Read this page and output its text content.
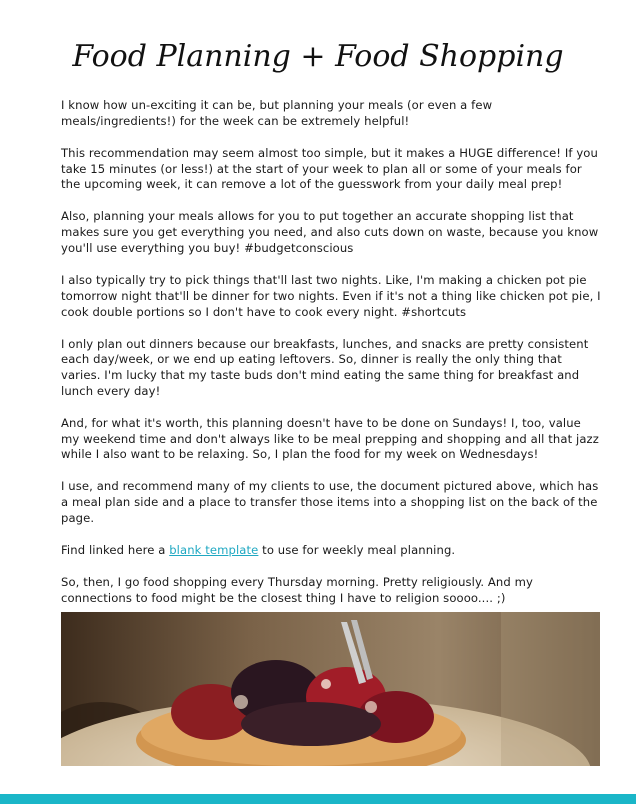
Food Planning + Food Shopping

I know how un-exciting it can be, but planning your meals (or even a few meals/ingredients!) for the week can be extremely helpful!

This recommendation may seem almost too simple, but it makes a HUGE difference! If you take 15 minutes (or less!) at the start of your week to plan all or some of your meals for the upcoming week, it can remove a lot of the guesswork from your daily meal prep!

Also, planning your meals allows for you to put together an accurate shopping list that makes sure you get everything you need, and also cuts down on waste, because you know you'll use everything you buy! #budgetconscious

I also typically try to pick things that'll last two nights. Like, I'm making a chicken pot pie tomorrow night that'll be dinner for two nights. Even if it's not a thing like chicken pot pie, I cook double portions so I don't have to cook every night. #shortcuts

I only plan out dinners because our breakfasts, lunches, and snacks are pretty consistent each day/week, or we end up eating leftovers. So, dinner is really the only thing that varies. I'm lucky that my taste buds don't mind eating the same thing for breakfast and lunch every day!

And, for what it's worth, this planning doesn't have to be done on Sundays! I, too, value my weekend time and don't always like to be meal prepping and shopping and all that jazz while I also want to be relaxing. So, I plan the food for my week on Wednesdays!

I use, and recommend many of my clients to use, the document pictured above, which has a meal plan side and a place to transfer those items into a shopping list on the back of the page.

Find linked here a blank template to use for weekly meal planning.

So, then, I go food shopping every Thursday morning. Pretty religiously. And my connections to food might be the closest thing I have to religion soooo.... ;)
